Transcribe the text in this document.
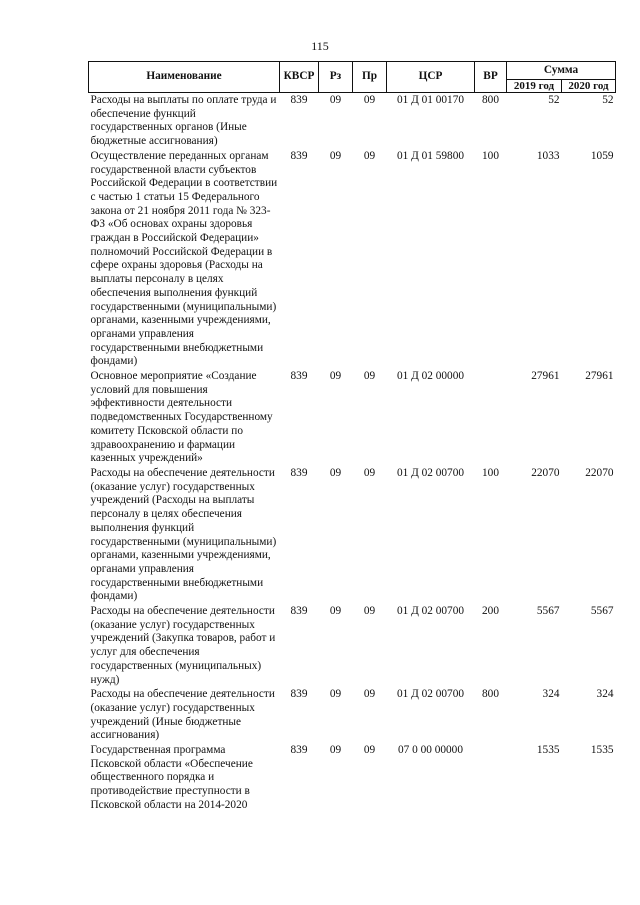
115
Наименование	КВСР	Рз	Пр	ЦСР	ВР	Сумма	
						2019 год	2020 год
Расходы на выплаты по оплате труда и обеспечение функций государственных органов (Иные бюджетные ассигнования)	839	09	09	01 Д 01 00170	800	52	52
Осуществление переданных органам государственной власти субъектов Российской Федерации в соответствии с частью 1 статьи 15 Федерального закона от 21 ноября 2011 года № 323-ФЗ «Об основах охраны здоровья граждан в Российской Федерации» полномочий Российской Федерации в сфере охраны здоровья (Расходы на выплаты персоналу в целях обеспечения выполнения функций государственными (муниципальными) органами, казенными учреждениями, органами управления государственными внебюджетными фондами)	839	09	09	01 Д 01 59800	100	1033	1059
Основное мероприятие «Создание условий для повышения эффективности деятельности подведомственных Государственному комитету Псковской области по здравоохранению и фармации казенных учреждений»	839	09	09	01 Д 02 00000		27961	27961
Расходы на обеспечение деятельности (оказание услуг) государственных учреждений (Расходы на выплаты персоналу в целях обеспечения выполнения функций государственными (муниципальными) органами, казенными учреждениями, органами управления государственными внебюджетными фондами)	839	09	09	01 Д 02 00700	100	22070	22070
Расходы на обеспечение деятельности (оказание услуг) государственных учреждений (Закупка товаров, работ и услуг для обеспечения государственных (муниципальных) нужд)	839	09	09	01 Д 02 00700	200	5567	5567
Расходы на обеспечение деятельности (оказание услуг) государственных учреждений (Иные бюджетные ассигнования)	839	09	09	01 Д 02 00700	800	324	324
Государственная программа Псковской области «Обеспечение общественного порядка и противодействие преступности в Псковской области на 2014-2020	839	09	09	07 0 00 00000		1535	1535
